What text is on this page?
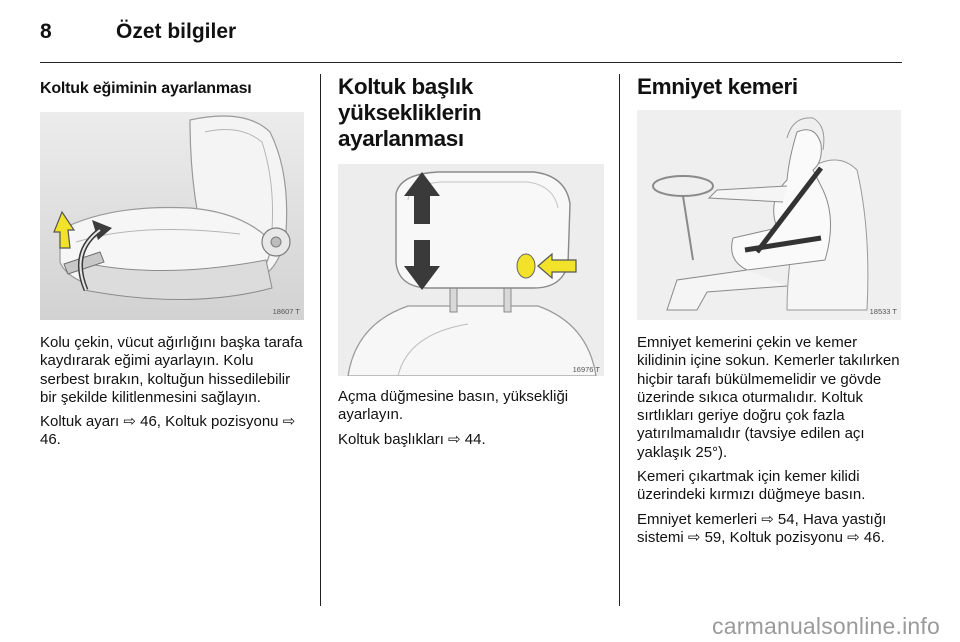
8	Özet bilgiler
Koltuk eğiminin ayarlanması
18607 T

Kolu çekin, vücut ağırlığını başka tarafa kaydırarak eğimi ayarlayın. Kolu serbest bırakın, koltuğun hissedilebilir bir şekilde kilitlenmesini sağlayın.

Koltuk ayarı ⇨ 46, Koltuk pozisyonu ⇨ 46.

Koltuk başlık yüksekliklerin ayarlanması
16976 T

Açma düğmesine basın, yüksekliği ayarlayın.

Koltuk başlıkları ⇨ 44.

Emniyet kemeri
18533 T

Emniyet kemerini çekin ve kemer kilidinin içine sokun. Kemerler takılırken hiçbir tarafı bükülmemelidir ve gövde üzerinde sıkıca oturmalıdır. Koltuk sırtlıkları geriye doğru çok fazla yatırılmamalıdır (tavsiye edilen açı yaklaşık 25°).

Kemeri çıkartmak için kemer kilidi üzerindeki kırmızı düğmeye basın.

Emniyet kemerleri ⇨ 54, Hava yastığı sistemi ⇨ 59, Koltuk pozisyonu ⇨ 46.

carmanualsonline.info
